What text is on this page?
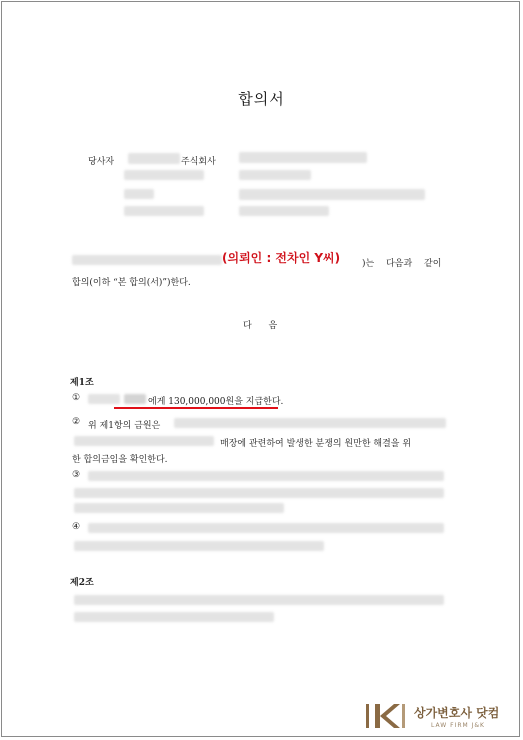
합의서
당사자	주식회사
(의뢰인 : 전차인 Y씨) )는 다음과 같이
합의(이하 “본 합의(서)”)한다.
다 음
제1조
①	에게 130,000,000원을 지급한다.
② 위 제1항의 금원은
매장에 관련하여 발생한 분쟁의 원만한 해결을 위
한 합의금임을 확인한다.
③
④
제2조
상가변호사 닷컴
LAW FIRM J&K
